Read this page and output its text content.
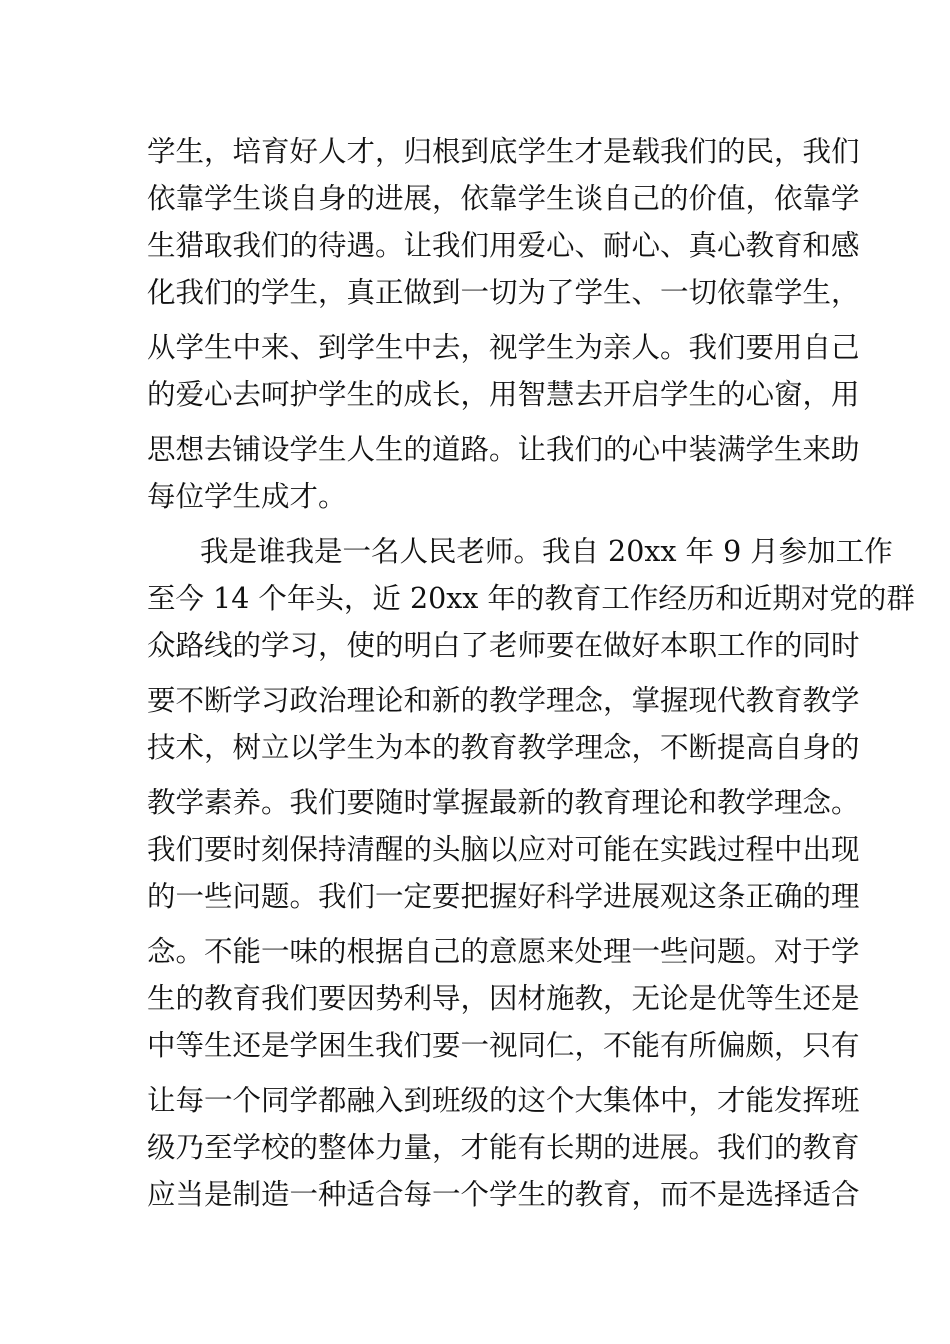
学生，培育好人才，归根到底学生才是载我们的民，我们
依靠学生谈自身的进展，依靠学生谈自己的价值，依靠学
生猎取我们的待遇。让我们用爱心、耐心、真心教育和感
化我们的学生，真正做到一切为了学生、一切依靠学生，
从学生中来、到学生中去，视学生为亲人。我们要用自己
的爱心去呵护学生的成长，用智慧去开启学生的心窗，用
思想去铺设学生人生的道路。让我们的心中装满学生来助
每位学生成才。
我是谁我是一名人民老师。我自 20xx 年 9 月参加工作
至今 14 个年头，近 20xx 年的教育工作经历和近期对党的群
众路线的学习，使的明白了老师要在做好本职工作的同时
要不断学习政治理论和新的教学理念，掌握现代教育教学
技术，树立以学生为本的教育教学理念，不断提高自身的
教学素养。我们要随时掌握最新的教育理论和教学理念。
我们要时刻保持清醒的头脑以应对可能在实践过程中出现
的一些问题。我们一定要把握好科学进展观这条正确的理
念。不能一味的根据自己的意愿来处理一些问题。对于学
生的教育我们要因势利导，因材施教，无论是优等生还是
中等生还是学困生我们要一视同仁，不能有所偏颇，只有
让每一个同学都融入到班级的这个大集体中，才能发挥班
级乃至学校的整体力量，才能有长期的进展。我们的教育
应当是制造一种适合每一个学生的教育，而不是选择适合
